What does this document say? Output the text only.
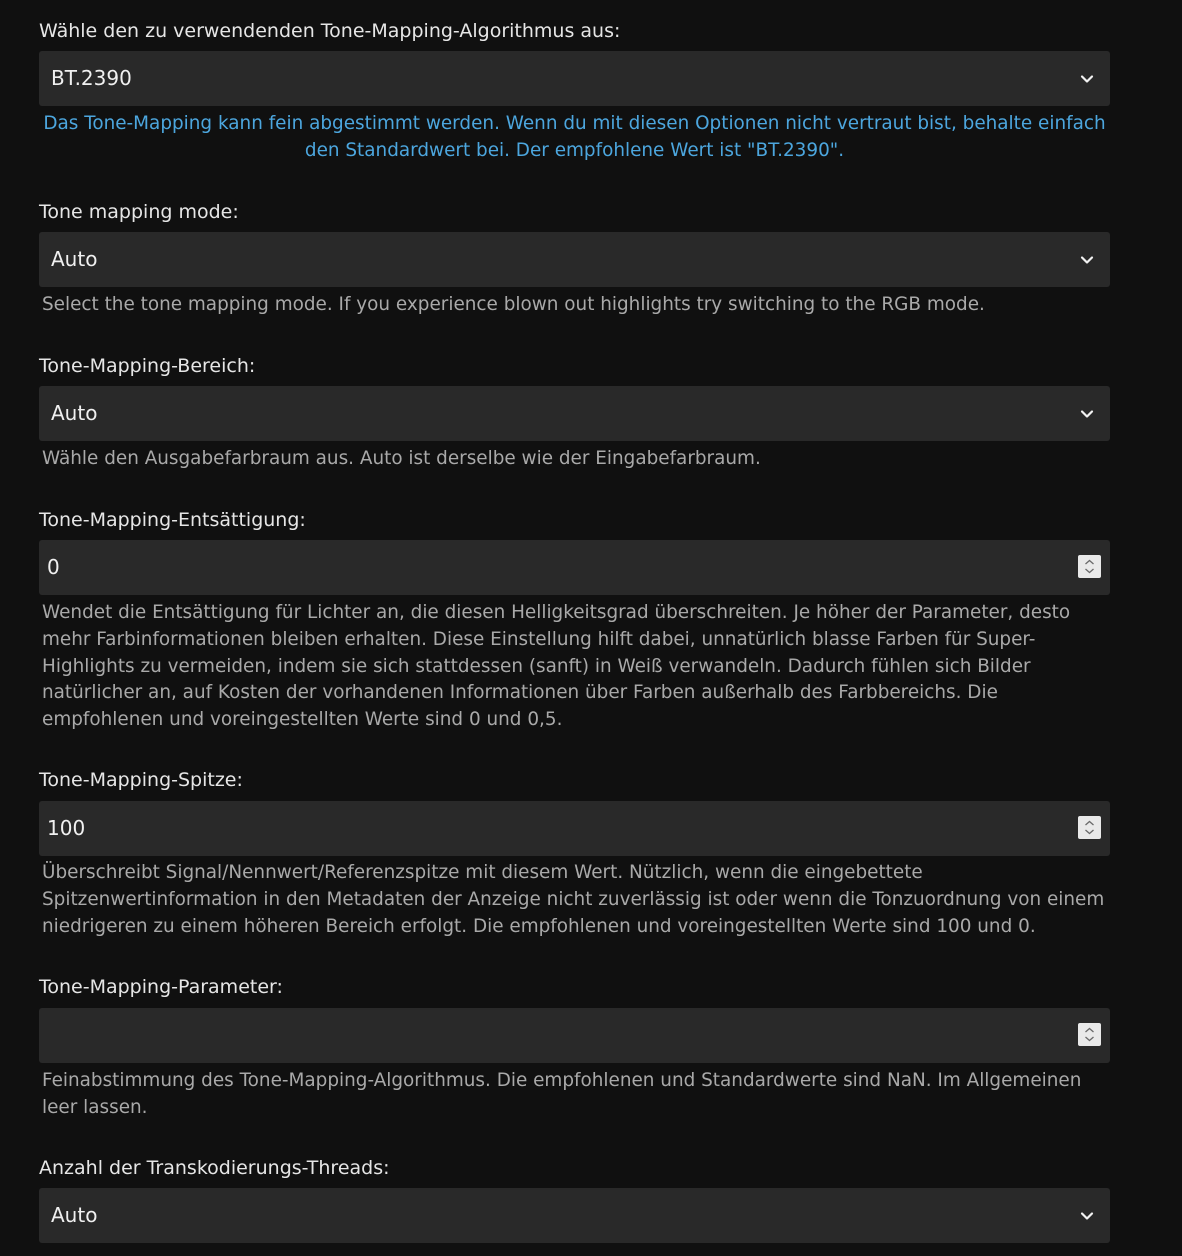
Wähle den zu verwendenden Tone-Mapping-Algorithmus aus:
BT.2390
Das Tone-Mapping kann fein abgestimmt werden. Wenn du mit diesen Optionen nicht vertraut bist, behalte einfach den Standardwert bei. Der empfohlene Wert ist "BT.2390".
Tone mapping mode:
Auto
Select the tone mapping mode. If you experience blown out highlights try switching to the RGB mode.
Tone-Mapping-Bereich:
Auto
Wähle den Ausgabefarbraum aus. Auto ist derselbe wie der Eingabefarbraum.
Tone-Mapping-Entsättigung:
0
Wendet die Entsättigung für Lichter an, die diesen Helligkeitsgrad überschreiten. Je höher der Parameter, desto mehr Farbinformationen bleiben erhalten. Diese Einstellung hilft dabei, unnatürlich blasse Farben für Super-Highlights zu vermeiden, indem sie sich stattdessen (sanft) in Weiß verwandeln. Dadurch fühlen sich Bilder natürlicher an, auf Kosten der vorhandenen Informationen über Farben außerhalb des Farbbereichs. Die empfohlenen und voreingestellten Werte sind 0 und 0,5.
Tone-Mapping-Spitze:
100
Überschreibt Signal/Nennwert/Referenzspitze mit diesem Wert. Nützlich, wenn die eingebettete Spitzenwertinformation in den Metadaten der Anzeige nicht zuverlässig ist oder wenn die Tonzuordnung von einem niedrigeren zu einem höheren Bereich erfolgt. Die empfohlenen und voreingestellten Werte sind 100 und 0.
Tone-Mapping-Parameter:
Feinabstimmung des Tone-Mapping-Algorithmus. Die empfohlenen und Standardwerte sind NaN. Im Allgemeinen leer lassen.
Anzahl der Transkodierungs-Threads:
Auto
